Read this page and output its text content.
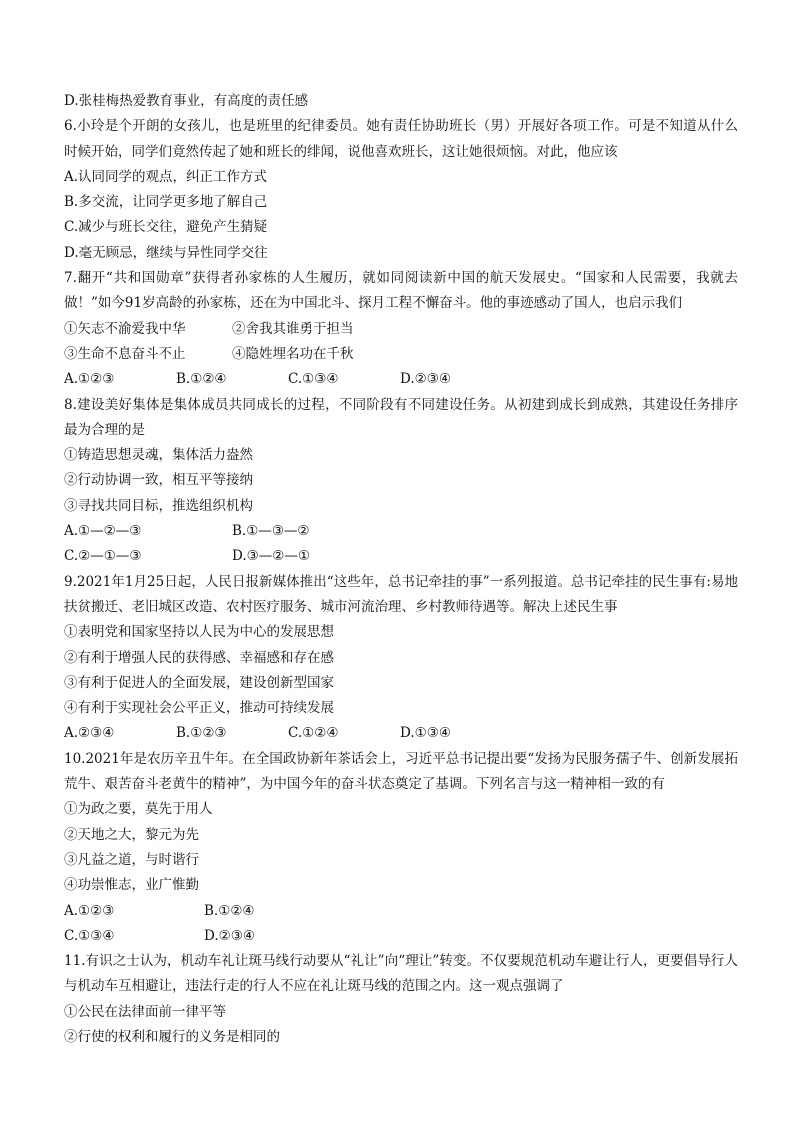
D.张桂梅热爱教育事业，有高度的责任感
6.小玲是个开朗的女孩儿，也是班里的纪律委员。她有责任协助班长（男）开展好各项工作。可是不知道从什么时候开始，同学们竟然传起了她和班长的绯闻，说他喜欢班长，这让她很烦恼。对此，他应该
A.认同同学的观点，纠正工作方式
B.多交流，让同学更多地了解自己
C.减少与班长交往，避免产生猜疑
D.毫无顾忌，继续与异性同学交往
7.翻开“共和国勋章”获得者孙家栋的人生履历，就如同阅读新中国的航天发展史。“国家和人民需要，我就去做！”如今91岁高龄的孙家栋，还在为中国北斗、探月工程不懈奋斗。他的事迹感动了国人，也启示我们
①矢志不渝爱我中华	②舍我其谁勇于担当
③生命不息奋斗不止	④隐姓埋名功在千秋
A.①②③	B.①②④	C.①③④	D.②③④
8.建设美好集体是集体成员共同成长的过程，不同阶段有不同建设任务。从初建到成长到成熟，其建设任务排序最为合理的是
①铸造思想灵魂，集体活力盎然
②行动协调一致，相互平等接纳
③寻找共同目标，推选组织机构
A.①—②—③	B.①—③—②
C.②—①—③	D.③—②—①
9.2021年1月25日起，人民日报新媒体推出“这些年，总书记牵挂的事”一系列报道。总书记牵挂的民生事有:易地扶贫搬迁、老旧城区改造、农村医疗服务、城市河流治理、乡村教师待遇等。解决上述民生事
①表明党和国家坚持以人民为中心的发展思想
②有利于增强人民的获得感、幸福感和存在感
③有利于促进人的全面发展，建设创新型国家
④有利于实现社会公平正义，推动可持续发展
A.②③④	B.①②③	C.①②④	D.①③④
10.2021年是农历辛丑牛年。在全国政协新年茶话会上，习近平总书记提出要“发扬为民服务孺子牛、创新发展拓荒牛、艰苦奋斗老黄牛的精神”，为中国今年的奋斗状态奠定了基调。下列名言与这一精神相一致的有
①为政之要，莫先于用人
②天地之大，黎元为先
③凡益之道，与时谐行
④功崇惟志，业广惟勤
A.①②③	B.①②④
C.①③④	D.②③④
11.有识之士认为，机动车礼让斑马线行动要从“礼让”向“理让”转变。不仅要规范机动车避让行人，更要倡导行人与机动车互相避让，违法行走的行人不应在礼让斑马线的范围之内。这一观点强调了
①公民在法律面前一律平等
②行使的权利和履行的义务是相同的
